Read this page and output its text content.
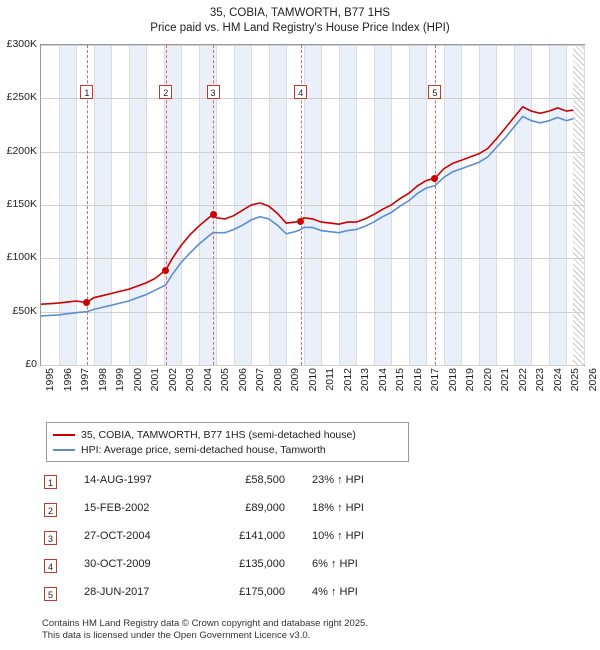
35, COBIA, TAMWORTH, B77 1HS
Price paid vs. HM Land Registry's House Price Index (HPI)
£0
£50K
£100K
£150K
£200K
£250K
£300K
1	2	3	4	5
1995 1996 1997 1998 1999 2000 2001 2002 2003 2004 2005 2006 2007 2008 2009 2010 2011 2012 2013 2014 2015 2016 2017 2018 2019 2020 2021 2022 2023 2024 2025 2026
35, COBIA, TAMWORTH, B77 1HS (semi-detached house)
HPI: Average price, semi-detached house, Tamworth
1	14-AUG-1997	£58,500 23% ↑ HPI
2	15-FEB-2002	£89,000 18% ↑ HPI
3	27-OCT-2004	£141,000 10% ↑ HPI
4	30-OCT-2009	£135,000 6% ↑ HPI
5	28-JUN-2017	£175,000 4% ↑ HPI
Contains HM Land Registry data © Crown copyright and database right 2025.
This data is licensed under the Open Government Licence v3.0.
